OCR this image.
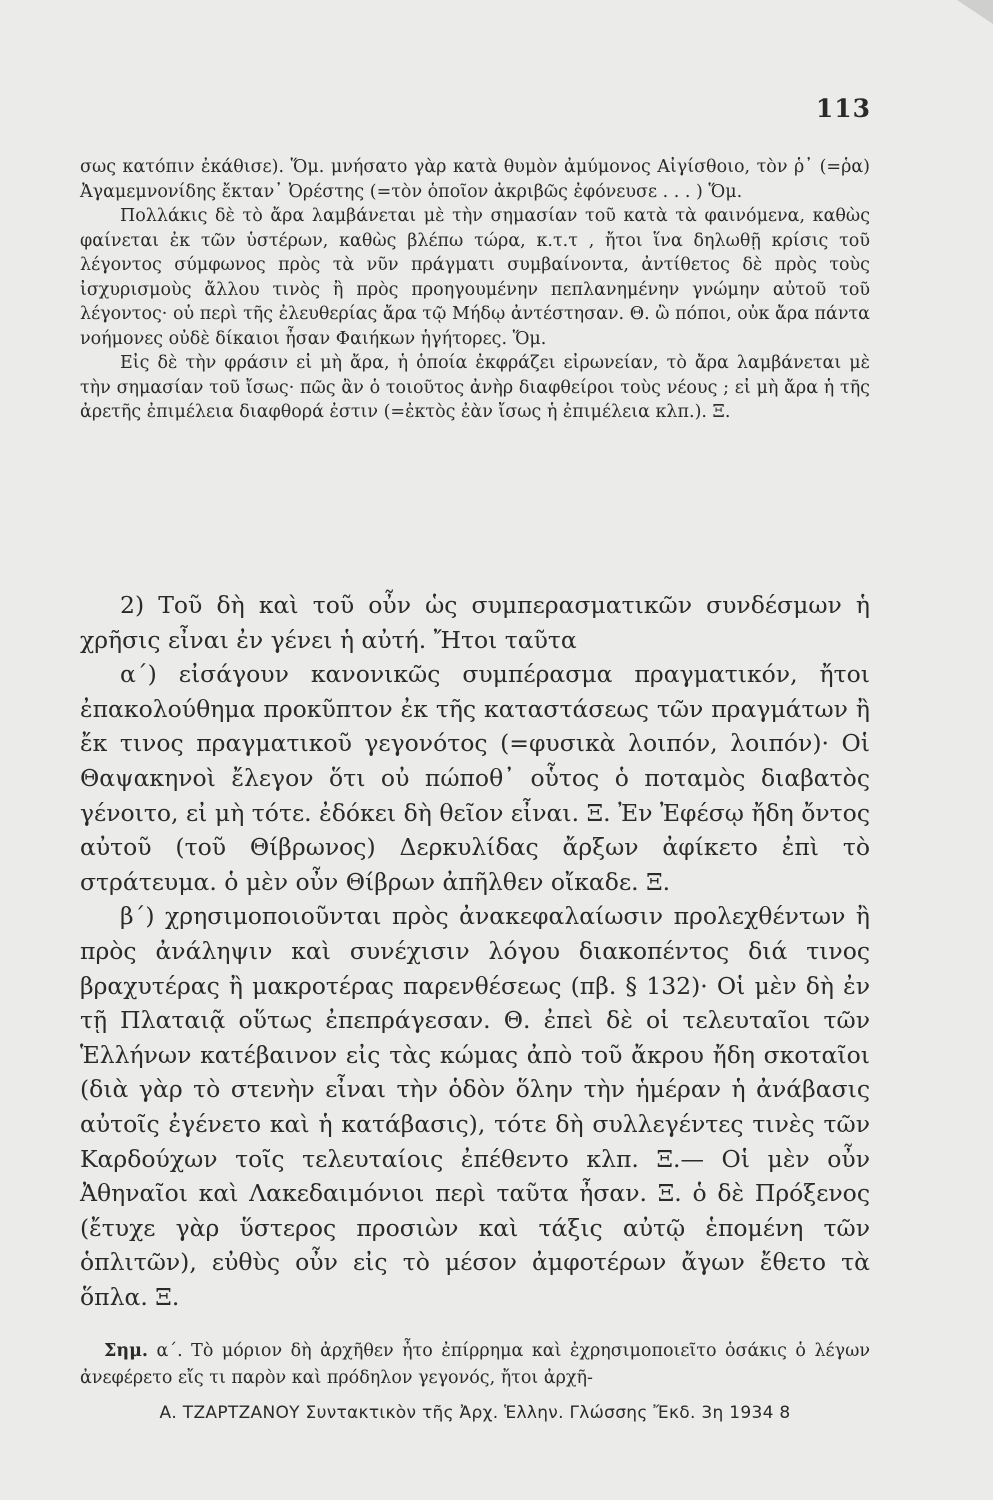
113

σως κατόπιν ἐκάθισε). Ὅμ. μνήσατο γὰρ κατὰ θυμὸν ἀμύμονος Αἰγίσθοιο, τὸν ῥ᾽ (=ῥα) Ἀγαμεμνονίδης ἔκταν᾽ Ὀρέστης (=τὸν ὁποῖον ἀκριβῶς ἐφόνευσε . . . ) Ὅμ.

Πολλάκις δὲ τὸ ἄρα λαμβάνεται μὲ τὴν σημασίαν τοῦ κατὰ τὰ φαινόμενα, καθὼς φαίνεται ἐκ τῶν ὑστέρων, καθὼς βλέπω τώρα, κ.τ.τ , ἤτοι ἵνα δηλωθῇ κρίσις τοῦ λέγοντος σύμφωνος πρὸς τὰ νῦν πράγματι συμβαίνοντα, ἀντίθετος δὲ πρὸς τοὺς ἰσχυρισμοὺς ἄλλου τινὸς ἢ πρὸς προηγουμένην πεπλανημένην γνώμην αὐτοῦ τοῦ λέγοντος· οὐ περὶ τῆς ἐλευθερίας ἄρα τῷ Μήδῳ ἀντέστησαν. Θ. ὢ πόποι, οὐκ ἄρα πάντα νοήμονες οὐδὲ δίκαιοι ἦσαν Φαιήκων ἡγήτορες. Ὅμ.

Εἰς δὲ τὴν φράσιν εἰ μὴ ἄρα, ἡ ὁποία ἐκφράζει εἰρωνείαν, τὸ ἄρα λαμβάνεται μὲ τὴν σημασίαν τοῦ ἴσως· πῶς ἂν ὁ τοιοῦτος ἀνὴρ διαφθείροι τοὺς νέους ; εἰ μὴ ἄρα ἡ τῆς ἀρετῆς ἐπιμέλεια διαφθορά ἐστιν (=ἐκτὸς ἐὰν ἴσως ἡ ἐπιμέλεια κλπ.). Ξ.

2) Τοῦ δὴ καὶ τοῦ οὖν ὡς συμπερασματικῶν συνδέσμων ἡ χρῆσις εἶναι ἐν γένει ἡ αὐτή. Ἤτοι ταῦτα

α´) εἰσάγουν κανονικῶς συμπέρασμα πραγματικόν, ἤτοι ἐπακολούθημα προκῦπτον ἐκ τῆς καταστάσεως τῶν πραγμάτων ἢ ἔκ τινος πραγματικοῦ γεγονότος (=φυσικὰ λοιπόν, λοιπόν)· Οἱ Θαψακηνοὶ ἔλεγον ὅτι οὐ πώποθ᾽ οὗτος ὁ ποταμὸς διαβατὸς γένοιτο, εἰ μὴ τότε. ἐδόκει δὴ θεῖον εἶναι. Ξ. Ἐν Ἐφέσῳ ἤδη ὄντος αὐτοῦ (τοῦ Θίβρωνος) Δερκυλίδας ἄρξων ἀφίκετο ἐπὶ τὸ στράτευμα. ὁ μὲν οὖν Θίβρων ἀπῆλθεν οἴκαδε. Ξ.

β´) χρησιμοποιοῦνται πρὸς ἀνακεφαλαίωσιν προλεχθέντων ἢ πρὸς ἀνάληψιν καὶ συνέχισιν λόγου διακοπέντος διά τινος βραχυτέρας ἢ μακροτέρας παρενθέσεως (πβ. § 132)· Οἱ μὲν δὴ ἐν τῇ Πλαταιᾷ οὕτως ἐπεπράγεσαν. Θ. ἐπεὶ δὲ οἱ τελευταῖοι τῶν Ἑλλήνων κατέβαινον εἰς τὰς κώμας ἀπὸ τοῦ ἄκρου ἤδη σκοταῖοι (διὰ γὰρ τὸ στενὴν εἶναι τὴν ὁδὸν ὅλην τὴν ἡμέραν ἡ ἀνάβασις αὐτοῖς ἐγένετο καὶ ἡ κατάβασις), τότε δὴ συλλεγέντες τινὲς τῶν Καρδούχων τοῖς τελευταίοις ἐπέθεντο κλπ. Ξ.— Οἱ μὲν οὖν Ἀθηναῖοι καὶ Λακεδαιμόνιοι περὶ ταῦτα ἦσαν. Ξ. ὁ δὲ Πρόξενος (ἔτυχε γὰρ ὕστερος προσιὼν καὶ τάξις αὐτῷ ἑπομένη τῶν ὁπλιτῶν), εὐθὺς οὖν εἰς τὸ μέσον ἀμφοτέρων ἄγων ἔθετο τὰ ὅπλα. Ξ.

Σημ. α´. Τὸ μόριον δὴ ἀρχῆθεν ἦτο ἐπίρρημα καὶ ἐχρησιμοποιεῖτο ὁσάκις ὁ λέγων ἀνεφέρετο εἴς τι παρὸν καὶ πρόδηλον γεγονός, ἤτοι ἀρχῆ-

Α. ΤΖΑΡΤΖΑΝΟΥ Συντακτικὸν τῆς Ἀρχ. Ἑλλην. Γλώσσης Ἔκδ. 3η 1934 8
